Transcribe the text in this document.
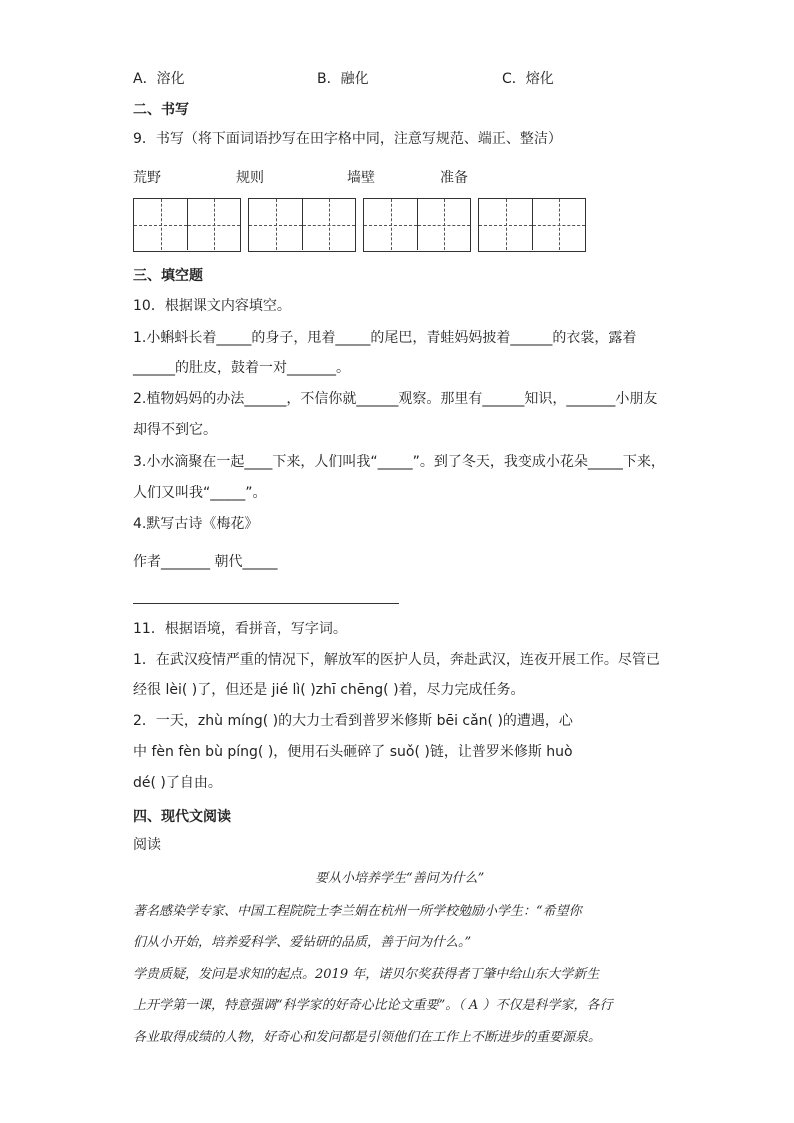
A．溶化	B．融化	C．熔化
二、书写
9．书写（将下面词语抄写在田字格中同，注意写规范、端正、整洁）
荒野	规则	墙壁	准备
三、填空题
10．根据课文内容填空。
1.小蝌蚪长着_____的身子，甩着_____的尾巴，青蛙妈妈披着______的衣裳，露着
______的肚皮，鼓着一对_______。
2.植物妈妈的办法______，不信你就______观察。那里有______知识，_______小朋友
却得不到它。
3.小水滴聚在一起____下来，人们叫我“_____”。到了冬天，我变成小花朵_____下来，
人们又叫我“_____”。
4.默写古诗《梅花》
作者_______ 朝代_____
11．根据语境，看拼音，写字词。
1．在武汉疫情严重的情况下，解放军的医护人员，奔赴武汉，连夜开展工作。尽管已
经很 lèi( )了，但还是 jié lì( )zhī chēng( )着，尽力完成任务。
2．一天，zhù míng( )的大力士看到普罗米修斯 bēi cǎn( )的遭遇，心
中 fèn fèn bù píng( )，便用石头砸碎了 suǒ( )链，让普罗米修斯 huò
dé( )了自由。
四、现代文阅读
阅读
要从小培养学生“善问为什么”
著名感染学专家、中国工程院院士李兰娟在杭州一所学校勉励小学生：“希望你
们从小开始，培养爱科学、爱钻研的品质，善于问为什么。”
学贵质疑，发问是求知的起点。2019 年，诺贝尔奖获得者丁肇中给山东大学新生
上开学第一课，特意强调“科学家的好奇心比论文重要”。（ A ）不仅是科学家，各行
各业取得成绩的人物，好奇心和发问都是引领他们在工作上不断进步的重要源泉。
